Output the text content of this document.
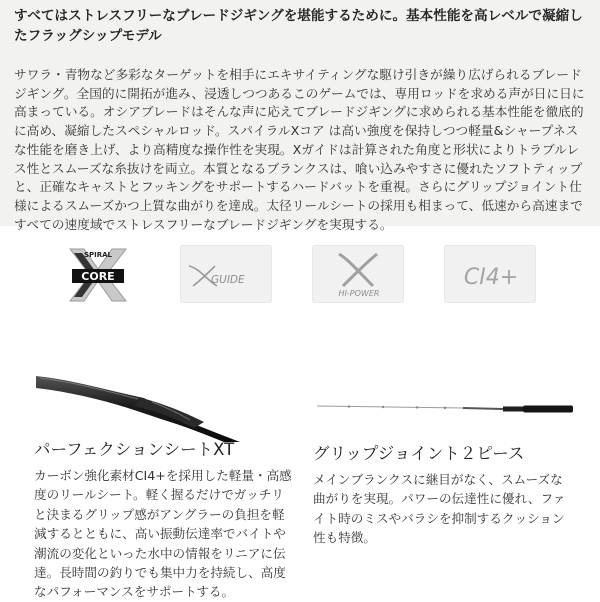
すべてはストレスフリーなブレードジギングを堪能するために。基本性能を高レベルで凝縮したフラッグシップモデル

サワラ・青物など多彩なターゲットを相手にエキサイティングな駆け引きが繰り広げられるブレードジギング。全国的に開拓が進み、浸透しつつあるこのゲームでは、専用ロッドを求める声が日に日に高まっている。オシアブレードはそんな声に応えてブレードジギングに求められる基本性能を徹底的に高め、凝縮したスペシャルロッド。スパイラルXコア は高い強度を保持しつつ軽量&シャープネスな性能を磨き上げ、より高精度な操作性を実現。Xガイドは計算された角度と形状によりトラブルレス性とスムーズな糸抜けを両立。本質となるブランクスは、喰い込みやすさに優れたソフトティップと、正確なキャストとフッキングをサポートするハードバットを重視。さらにグリップジョイント仕様によるスムーズかつ上質な曲がりを達成。太径リールシートの採用も相まって、低速から高速まですべての速度域でストレスフリーなブレードジギングを実現する。

SPIRAL
CORE	GUIDE
HI-POWER
CI4+
パーフェクションシートXT

カーボン強化素材CI4+を採用した軽量・高感度のリールシート。軽く握るだけでガッチリと決まるグリップ感がアングラーの負担を軽減するとともに、高い振動伝達率でバイトや潮流の変化といった水中の情報をリニアに伝達。長時間の釣りでも集中力を持続し、高度なパフォーマンスをサポートする。

グリップジョイント２ピース

メインブランクスに継目がなく、スムーズな曲がりを実現。パワーの伝達性に優れ、ファイト時のミスやバラシを抑制するクッション性も特徴。
